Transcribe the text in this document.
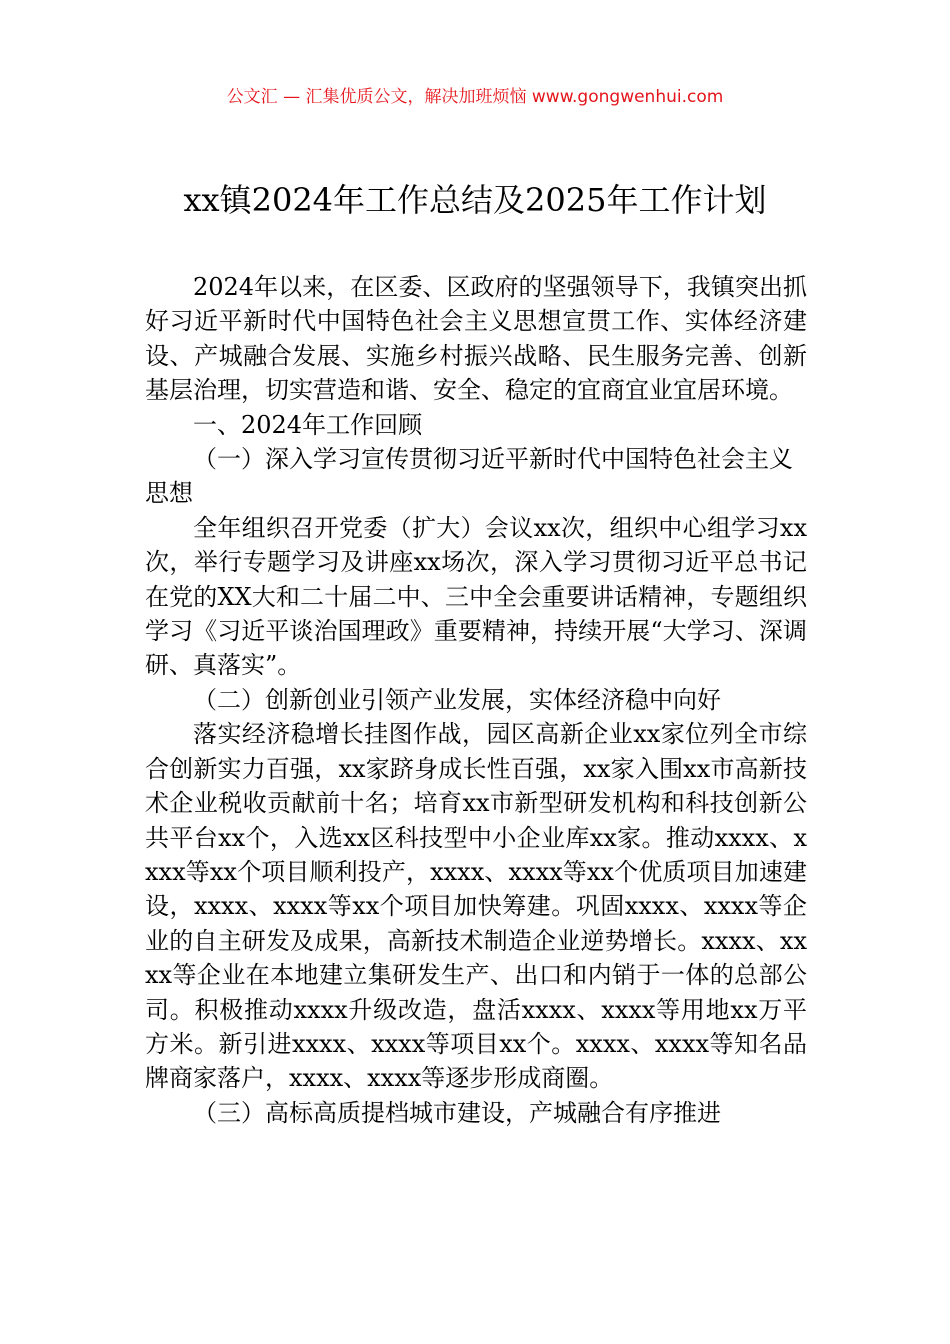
公文汇 — 汇集优质公文，解决加班烦恼 www.gongwenhui.com
xx镇2024年工作总结及2025年工作计划

2024年以来，在区委、区政府的坚强领导下，我镇突出抓好习近平新时代中国特色社会主义思想宣贯工作、实体经济建设、产城融合发展、实施乡村振兴战略、民生服务完善、创新基层治理，切实营造和谐、安全、稳定的宜商宜业宜居环境。

一、2024年工作回顾

（一）深入学习宣传贯彻习近平新时代中国特色社会主义思想

全年组织召开党委（扩大）会议xx次，组织中心组学习xx次，举行专题学习及讲座xx场次，深入学习贯彻习近平总书记在党的XX大和二十届二中、三中全会重要讲话精神，专题组织学习《习近平谈治国理政》重要精神，持续开展“大学习、深调研、真落实”。

（二）创新创业引领产业发展，实体经济稳中向好

落实经济稳增长挂图作战，园区高新企业xx家位列全市综合创新实力百强，xx家跻身成长性百强，xx家入围xx市高新技术企业税收贡献前十名；培育xx市新型研发机构和科技创新公共平台xx个，入选xx区科技型中小企业库xx家。推动xxxx、xxxx等xx个项目顺利投产，xxxx、xxxx等xx个优质项目加速建设，xxxx、xxxx等xx个项目加快筹建。巩固xxxx、xxxx等企业的自主研发及成果，高新技术制造企业逆势增长。xxxx、xxxx等企业在本地建立集研发生产、出口和内销于一体的总部公司。积极推动xxxx升级改造，盘活xxxx、xxxx等用地xx万平方米。新引进xxxx、xxxx等项目xx个。xxxx、xxxx等知名品牌商家落户，xxxx、xxxx等逐步形成商圈。

（三）高标高质提档城市建设，产城融合有序推进
